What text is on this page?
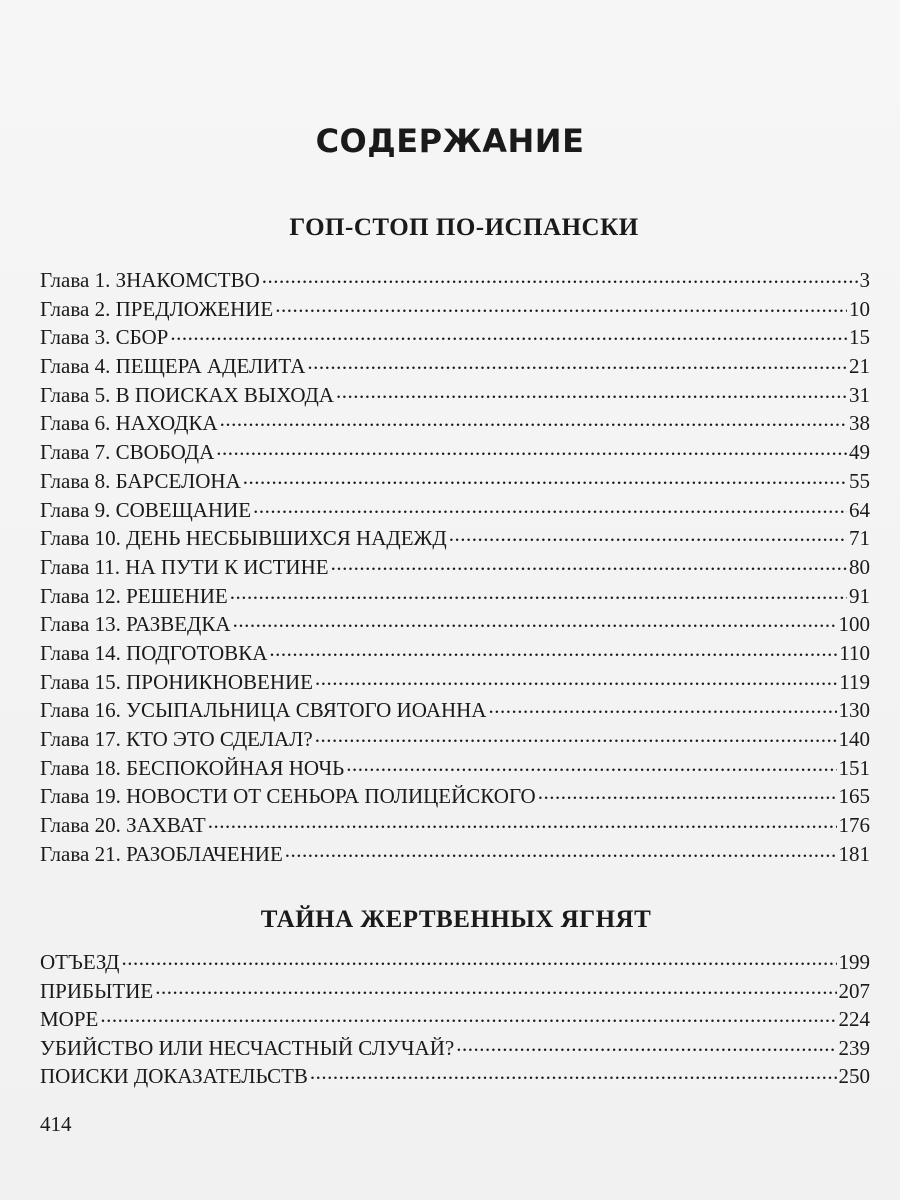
СОДЕРЖАНИЕ
ГОП-СТОП ПО-ИСПАНСКИ
Глава 1. ЗНАКОМСТВО .....	3
Глава 2. ПРЕДЛОЖЕНИЕ .....	10
Глава 3. СБОР .....	15
Глава 4. ПЕЩЕРА АДЕЛИТА .....	21
Глава 5. В ПОИСКАХ ВЫХОДА .....	31
Глава 6. НАХОДКА .....	38
Глава 7. СВОБОДА .....	49
Глава 8. БАРСЕЛОНА .....	55
Глава 9. СОВЕЩАНИЕ .....	64
Глава 10. ДЕНЬ НЕСБЫВШИХСЯ НАДЕЖД .....	71
Глава 11. НА ПУТИ К ИСТИНЕ .....	80
Глава 12. РЕШЕНИЕ .....	91
Глава 13. РАЗВЕДКА .....	100
Глава 14. ПОДГОТОВКА .....	110
Глава 15. ПРОНИКНОВЕНИЕ .....	119
Глава 16. УСЫПАЛЬНИЦА СВЯТОГО ИОАННА .....	130
Глава 17. КТО ЭТО СДЕЛАЛ? .....	140
Глава 18. БЕСПОКОЙНАЯ НОЧЬ .....	151
Глава 19. НОВОСТИ ОТ СЕНЬОРА ПОЛИЦЕЙСКОГО .....	165
Глава 20. ЗАХВАТ .....	176
Глава 21. РАЗОБЛАЧЕНИЕ .....	181
ТАЙНА ЖЕРТВЕННЫХ ЯГНЯТ
ОТЪЕЗД .....	199
ПРИБЫТИЕ .....	207
МОРЕ .....	224
УБИЙСТВО ИЛИ НЕСЧАСТНЫЙ СЛУЧАЙ? .....	239
ПОИСКИ ДОКАЗАТЕЛЬСТВ .....	250

414
